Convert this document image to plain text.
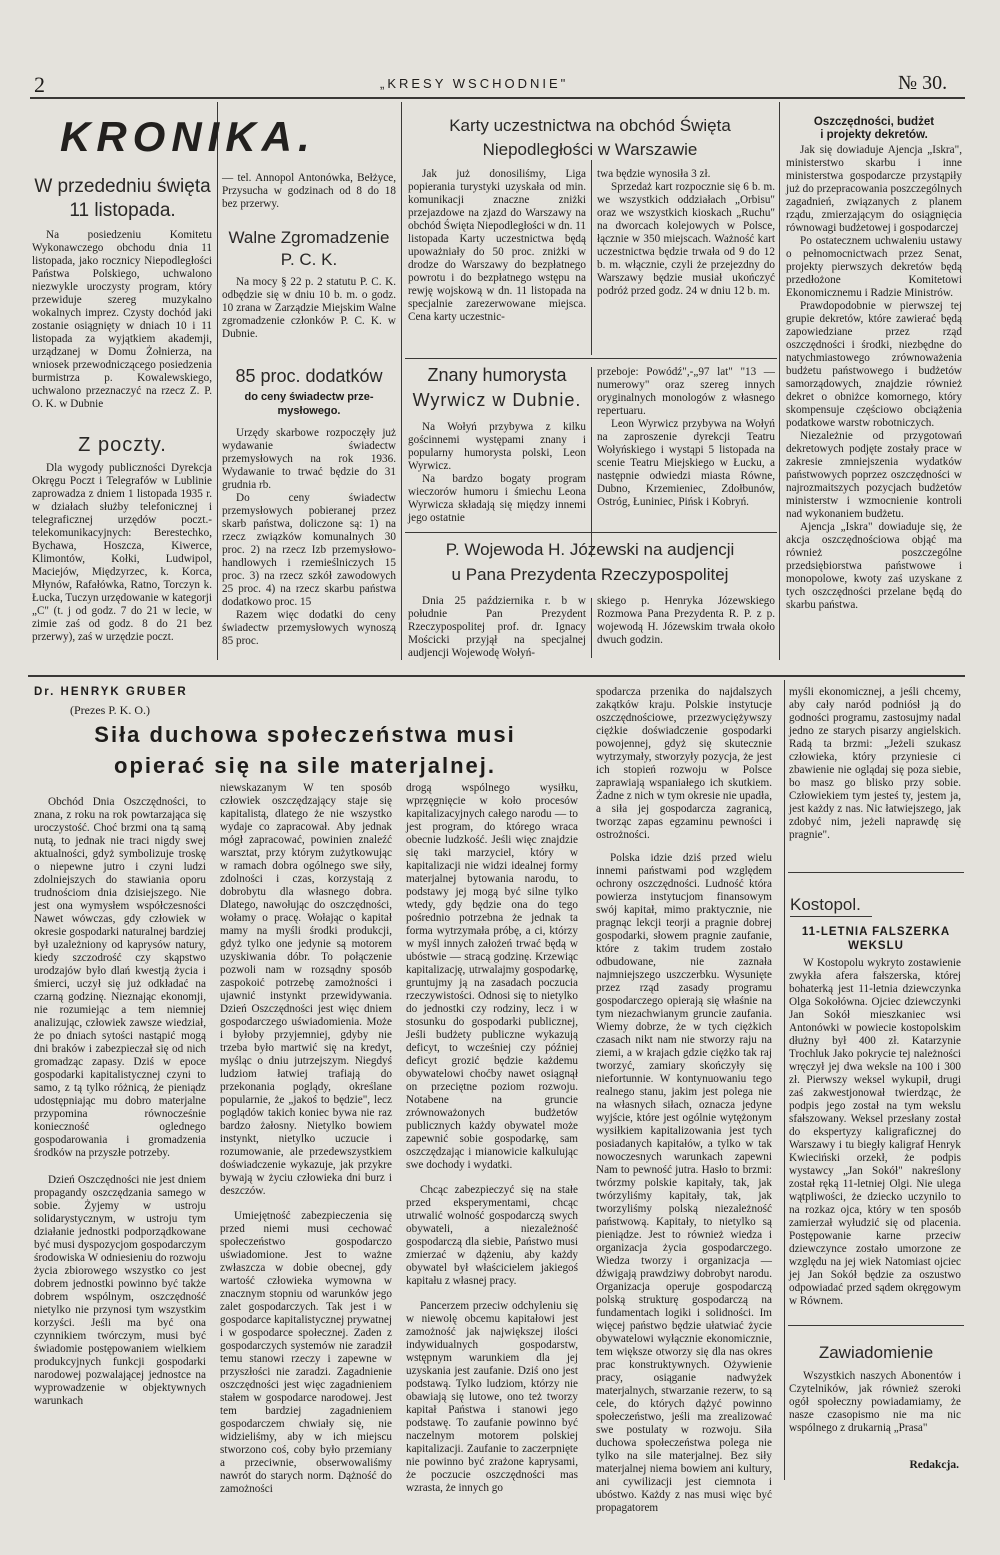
2	„KRESY WSCHODNIE"	№ 30.
KRONIKA.
W przededniu święta
11 listopada.

Na posiedzeniu Komitetu Wykonawczego obchodu dnia 11 listopada, jako rocznicy Niepodległości Państwa Polskiego, uchwalono niezwykle uroczysty program, który przewiduje szereg muzykalno wokalnych imprez. Czysty dochód jaki zostanie osiągnięty w dniach 10 i 11 listopada za wyjątkiem akademji, urządzanej w Domu Żołnierza, na wniosek przewodniczącego posiedzenia burmistrza p. Kowalewskiego, uchwalono przeznaczyć na rzecz Z. P. O. K. w Dubnie

Z poczty.

Dla wygody publiczności Dyrekcja Okręgu Poczt i Telegrafów w Lublinie zaprowadza z dniem 1 listopada 1935 r. w działach służby telefonicznej i telegraficznej urzędów poczt.-telekomunikacyjnych: Berestechko, Bychawa, Hoszcza, Kiwerce, Klimontów, Kołki, Ludwipol, Maciejów, Międzyrzec, k. Korca, Młynów, Rafałówka, Ratno, Torczyn k. Łucka, Tuczyn urzędowanie w kategorji „C" (t. j od godz. 7 do 21 w lecie, w zimie zaś od godz. 8 do 21 bez przerwy), zaś w urzędzie poczt.

— tel. Annopol Antonówka, Bełżyce, Przysucha w godzinach od 8 do 18 bez przerwy.

Walne Zgromadzenie
P. C. K.

Na mocy § 22 p. 2 statutu P. C. K. odbędzie się w dniu 10 b. m. o godz. 10 zrana w Zarządzie Miejskim Walne zgromadzenie członków P. C. K. w Dubnie.

85 proc. dodatków
do ceny świadectw prze-
mysłowego.

Urzędy skarbowe rozpoczęły już wydawanie świadectw przemysłowych na rok 1936. Wydawanie to trwać będzie do 31 grudnia rb.

Do ceny świadectw przemysłowych pobieranej przez skarb państwa, doliczone są: 1) na rzecz związków komunalnych 30 proc. 2) na rzecz Izb przemysłowo-handlowych i rzemieślniczych 15 proc. 3) na rzecz szkół zawodowych 25 proc. 4) na rzecz skarbu państwa dodatkowo proc. 15

Razem więc dodatki do ceny świadectw przemysłowych wynoszą 85 proc.

Karty uczestnictwa na obchód Święta
Niepodległości w Warszawie

Jak już donosiliśmy, Liga popierania turystyki uzyskała od min. komunikacji znaczne zniżki przejazdowe na zjazd do Warszawy na obchód Święta Niepodległości w dn. 11 listopada Karty uczestnictwa będą upoważniały do 50 proc. zniżki w drodze do Warszawy do bezpłatnego powrotu i do bezpłatnego wstępu na rewję wojskową w dn. 11 listopada na specjalnie zarezerwowane miejsca. Cena karty uczestnic-

twa będzie wynosiła 3 zł.

Sprzedaż kart rozpocznie się 6 b. m. we wszystkich oddziałach „Orbisu" oraz we wszystkich kioskach „Ruchu" na dworcach kolejowych w Polsce, łącznie w 350 miejscach. Ważność kart uczestnictwa będzie trwała od 9 do 12 b. m. włącznie, czyli że przejezdny do Warszawy będzie musiał ukończyć podróż przed godz. 24 w dniu 12 b. m.

Znany humorysta
Wyrwicz w Dubnie.

Na Wołyń przybywa z kilku gościnnemi występami znany i popularny humorysta polski, Leon Wyrwicz.

Na bardzo bogaty program wieczorów humoru i śmiechu Leona Wyrwicza składają się między innemi jego ostatnie

przeboje: Powódź",-„97 lat" "13 — numerowy" oraz szereg innych oryginalnych monologów z własnego repertuaru.

Leon Wyrwicz przybywa na Wołyń na zaproszenie dyrekcji Teatru Wołyńskiego i wystąpi 5 listopada na scenie Teatru Miejskiego w Łucku, a następnie odwiedzi miasta Równe, Dubno, Krzemieniec, Zdołbunów, Ostróg, Łuniniec, Pińsk i Kobryń.

P. Wojewoda H. Józewski na audjencji
u Pana Prezydenta Rzeczypospolitej

Dnia 25 października r. b w południe Pan Prezydent Rzeczypospolitej prof. dr. Ignacy Mościcki przyjął na specjalnej audjencji Wojewodę Wołyń-

skiego p. Henryka Józewskiego Rozmowa Pana Prezydenta R. P. z p. wojewodą H. Józewskim trwała około dwuch godzin.

Oszczędności, budżet
i projekty dekretów.

Jak się dowiaduje Ajencja „Iskra", ministerstwo skarbu i inne ministerstwa gospodarcze przystąpiły już do przepracowania poszczególnych zagadnień, związanych z planem rządu, zmierzającym do osiągnięcia równowagi budżetowej i gospodarczej

Po ostatecznem uchwaleniu ustawy o pełnomocnictwach przez Senat, projekty pierwszych dekretów będą przedłożone Komitetowi Ekonomicznemu i Radzie Ministrów.

Prawdopodobnie w pierwszej tej grupie dekretów, które zawierać będą zapowiedziane przez rząd oszczędności i środki, niezbędne do natychmiastowego zrównoważenia budżetu państwowego i budżetów samorządowych, znajdzie również dekret o obniżce komornego, który skompensuje częściowo obciążenia podatkowe warstw robotniczych.

Niezależnie od przygotowań dekretowych podjęte zostały prace w zakresie zmniejszenia wydatków państwowych poprzez oszczędności w najrozmaitszych pozycjach budżetów ministerstw i wzmocnienie kontroli nad wykonaniem budżetu.

Ajencja „Iskra" dowiaduje się, że akcja oszczędnościowa objąć ma również poszczególne przedsiębiorstwa państwowe i monopolowe, kwoty zaś uzyskane z tych oszczędności przelane będą do skarbu państwa.

Dr. HENRYK GRUBER
(Prezes P. K. O.)
Siła duchowa społeczeństwa musi
opierać się na sile materjalnej.

Obchód Dnia Oszczędności, to znana, z roku na rok powtarzająca się uroczystość. Choć brzmi ona tą samą nutą, to jednak nie traci nigdy swej aktualności, gdyż symbolizuje troskę o niepewne jutro i czyni ludzi zdolniejszych do stawiania oporu trudnościom dnia dzisiejszego. Nie jest ona wymysłem współczesności Nawet wówczas, gdy człowiek w okresie gospodarki naturalnej bardziej był uzależniony od kaprysów natury, kiedy szczodrość czy skąpstwo urodzajów było dlań kwestją życia i śmierci, uczył się już odkładać na czarną godzinę. Nieznając ekonomji, nie rozumiejąc a tem niemniej analizując, człowiek zawsze wiedział, że po dniach sytości nastąpić mogą dni braków i zabezpieczał się od nich gromadząc zapasy. Dziś w epoce gospodarki kapitalistycznej czyni to samo, z tą tylko różnicą, że pieniądz udostępniając mu dobro materjalne przypomina równocześnie konieczność oglednego gospodarowania i gromadzenia środków na przyszłe potrzeby.

Dzień Oszczędności nie jest dniem propagandy oszczędzania samego w sobie. Żyjemy w ustroju solidarystycznym, w ustroju tym działanie jednostki podporządkowane być musi dyspozycjom gospodarczym środowiska W odniesieniu do rozwoju życia zbiorowego wszystko co jest dobrem jednostki powinno być także dobrem wspólnym, oszczędność nietylko nie przynosi tym wszystkim korzyści. Jeśli ma być ona czynnikiem twórczym, musi być świadomie postępowaniem wielkiem produkcyjnych funkcji gospodarki narodowej pozwalającej jednostce na wyprowadzenie w objektywnych warunkach

niewskazanym W ten sposób człowiek oszczędzający staje się kapitalistą, dlatego że nie wszystko wydaje co zapracował. Aby jednak mógł zapracować, powinien znaleźć warsztat, przy którym zużytkowując w ramach dobra ogólnego swe siły, zdolności i czas, korzystają z dobrobytu dla własnego dobra. Dlatego, nawołując do oszczędności, wołamy o pracę. Wołając o kapitał mamy na myśli środki produkcji, gdyż tylko one jedynie są motorem uzyskiwania dóbr. To połączenie pozwoli nam w rozsądny sposób zaspokoić potrzebę zamożności i ujawnić instynkt przewidywania. Dzień Oszczędności jest więc dniem gospodarczego uświadomienia. Może i byłoby przyjemniej, gdyby nie trzeba było martwić się na kredyt, myśląc o dniu jutrzejszym. Niegdyś ludziom łatwiej trafiają do przekonania poglądy, określane popularnie, że „jakoś to będzie", lecz poglądów takich koniec bywa nie raz bardzo żałosny. Nietylko bowiem instynkt, nietylko uczucie i rozumowanie, ale przedewszystkiem doświadczenie wykazuje, jak przykre bywają w życiu człowieka dni burz i deszczów.

Umiejętność zabezpieczenia się przed niemi musi cechować społeczeństwo gospodarczo uświadomione. Jest to ważne zwłaszcza w dobie obecnej, gdy wartość człowieka wymowna w znacznym stopniu od warunków jego zalet gospodarczych. Tak jest i w gospodarce kapitalistycznej prywatnej i w gospodarce społecznej. Zaden z gospodarczych systemów nie zaradził temu stanowi rzeczy i zapewne w przyszłości nie zaradzi. Zagadnienie oszczędności jest więc zagadnieniem stałem w gospodarce narodowej. Jest tem bardziej zagadnieniem gospodarczem chwiały się, nie widzieliśmy, aby w ich miejscu stworzono coś, coby było przemiany a przeciwnie, obserwowaliśmy nawrót do starych norm. Dążność do zamożności

drogą wspólnego wysiłku, wprzęgnięcie w koło procesów kapitalizacyjnych całego narodu — to jest program, do którego wraca obecnie ludzkość. Jeśli więc znajdzie się taki marzyciel, który w kapitalizacji nie widzi idealnej formy materjalnej bytowania narodu, to podstawy jej mogą być silne tylko wtedy, gdy będzie ona do tego pośrednio potrzebna że jednak ta forma wytrzymała próbę, a ci, którzy w myśl innych założeń trwać będą w ubóstwie — stracą godzinę. Krzewiąc kapitalizację, utrwalajmy gospodarkę, gruntujmy ją na zasadach poczucia rzeczywistości. Odnosi się to nietylko do jednostki czy rodziny, lecz i w stosunku do gospodarki publicznej, Jeśli budżety publiczne wykazują deficyt, to wcześniej czy później deficyt grozić będzie każdemu obywatelowi choćby nawet osiągnął on przeciętne poziom rozwoju. Notabene na gruncie zrównoważonych budżetów publicznych każdy obywatel może zapewnić sobie gospodarkę, sam oszczędzając i mianowicie kalkulując swe dochody i wydatki.

Chcąc zabezpieczyć się na stałe przed eksperymentami, chcąc utrwalić wolność gospodarczą swych obywateli, a niezależność gospodarczą dla siebie, Państwo musi zmierzać w dążeniu, aby każdy obywatel był właścicielem jakiegoś kapitału z własnej pracy.

Pancerzem przeciw odchyleniu się w niewolę obcemu kapitałowi jest zamożność jak największej ilości indywidualnych gospodarstw, wstępnym warunkiem dla jej uzyskania jest zaufanie. Dziś ono jest podstawą. Tylko ludziom, którzy nie obawiają się lutowe, ono też tworzy kapitał Państwa i stanowi jego podstawę. To zaufanie powinno być naczelnym motorem polskiej kapitalizacji. Zaufanie to zaczerpnięte nie powinno być zrażone kaprysami, że poczucie oszczędności mas wzrasta, że innych go

spodarcza przenika do najdalszych zakątków kraju. Polskie instytucje oszczędnościowe, przezwyciężywszy ciężkie doświadczenie gospodarki powojennej, gdyż się skutecznie wytrzymały, stworzyły pozycja, że jest ich stopień rozwoju w Polsce zaprawiają wspaniałego ich skutkiem. Żadne z nich w tym okresie nie upadła, a siła jej gospodarcza zagranicą, tworząc zapas egzaminu pewności i ostrożności.

Polska idzie dziś przed wielu innemi państwami pod względem ochrony oszczędności. Ludność która powierza instytucjom finansowym swój kapitał, mimo praktycznie, nie pragnąc lekcji teorji a pragnie dobrej gospodarki, słowem pragnie zaufanie, które z takim trudem zostało odbudowane, nie zaznała najmniejszego uszczerbku. Wysunięte przez rząd zasady programu gospodarczego opierają się właśnie na tym niezachwianym gruncie zaufania. Wiemy dobrze, że w tych ciężkich czasach nikt nam nie stworzy raju na ziemi, a w krajach gdzie ciężko tak raj tworzyć, zamiary skończyły się niefortunnie. W kontynuowaniu tego realnego stanu, jakim jest polega nie na własnych siłach, oznacza jedyne wyjście, które jest ogólnie wytężonym wysiłkiem kapitalizowania jest tych posiadanych kapitałów, a tylko w tak nowoczesnych warunkach zapewni Nam to pewność jutra. Hasło to brzmi: twórzmy polskie kapitały, tak, jak twórzyliśmy kapitały, tak, jak tworzyliśmy polską niezależność państwową. Kapitały, to nietylko są pieniądze. Jest to również wiedza i organizacja życia gospodarczego. Wiedza tworzy i organizacja — dźwigają prawdziwy dobrobyt narodu. Organizacja operuje gospodarczą polską strukturę gospodarczą na fundamentach logiki i solidności. Im więcej państwo będzie ułatwiać życie obywatelowi wyłącznie ekonomicznie, tem większe otworzy się dla nas okres prac konstruktywnych. Ożywienie pracy, osiąganie nadwyżek materjalnych, stwarzanie rezerw, to są cele, do których dążyć powinno społeczeństwo, jeśli ma zrealizować swe postulaty w rozwoju. Siła duchowa społeczeństwa polega nie tylko na sile materjalnej. Bez siły materjalnej niema bowiem ani kultury, ani cywilizacji jest ciemnota i ubóstwo. Każdy z nas musi więc być propagatorem

myśli ekonomicznej, a jeśli chcemy, aby cały naród podniósł ją do godności programu, zastosujmy nadal jedno ze starych pisarzy angielskich. Radą ta brzmi: „Jeżeli szukasz człowieka, który przyniesie ci zbawienie nie oglądaj się poza siebie, bo masz go blisko przy sobie. Człowiekiem tym jesteś ty, jestem ja, jest każdy z nas. Nic łatwiejszego, jak zdobyć nim, jeżeli naprawdę się pragnie".

Kostopol.
11-LETNIA FALSZERKA
WEKSLU

W Kostopolu wykryto zostawienie zwykła afera fałszerska, której bohaterką jest 11-letnia dziewczynka Olga Sokołówna. Ojciec dziewczynki Jan Sokół mieszkaniec wsi Antonówki w powiecie kostopolskim dłużny był 400 zł. Katarzynie Trochluk Jako pokrycie tej należności wręczył jej dwa weksle na 100 i 300 zł. Pierwszy weksel wykupił, drugi zaś zakwestjonował twierdząc, że podpis jego został na tym wekslu sfałszowany. Weksel przesłany został do ekspertyzy kaligraficznej do Warszawy i tu biegły kaligraf Henryk Kwieciński orzekł, że podpis wystawcy „Jan Sokół" nakreślony został ręką 11-letniej Olgi. Nie ulega wątpliwości, że dziecko uczynilo to na rozkaz ojca, który w ten sposób zamierzał wyłudzić się od placenia. Postępowanie karne przeciw dziewczynce zostało umorzone ze względu na jej wiek Natomiast ojciec jej Jan Sokół będzie za oszustwo odpowiadać przed sądem okręgowym w Równem.

Zawiadomienie

Wszystkich naszych Abonentów i Czytelników, jak również szeroki ogół społeczny powiadamiamy, że nasze czasopismo nie ma nic wspólnego z drukarnią „Prasa"

Redakcja.
